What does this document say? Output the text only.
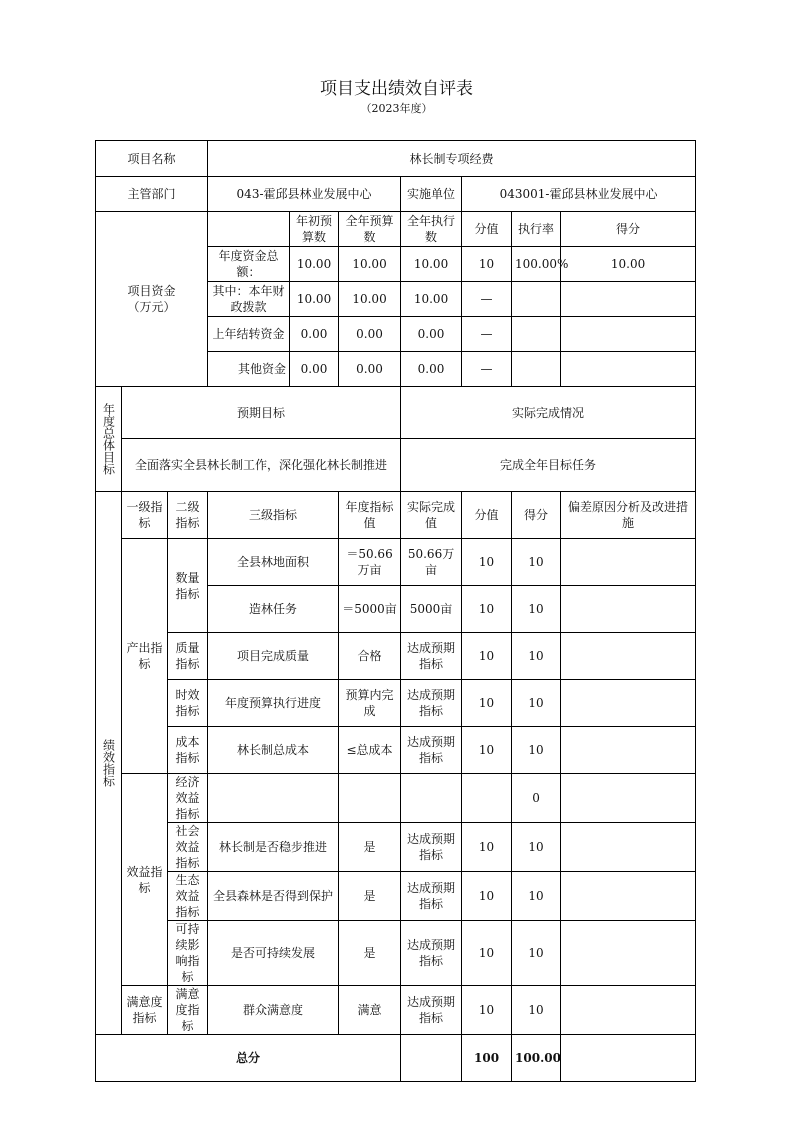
项目支出绩效自评表
（2023年度）
项目名称			林长制专项经费						
主管部门			043-霍邱县林业发展中心			实施单位	043001-霍邱县林业发展中心		
项目资金（万元）				年初预算数	全年预算数	全年执行数	分值	执行率	得分
			年度资金总额：	10.00	10.00	10.00	10	100.00%	10.00
			其中：本年财政拨款	10.00	10.00	10.00	—		
			上年结转资金	0.00	0.00	0.00	—		
			其他资金	0.00	0.00	0.00	—		
年度总体目标	预期目标					实际完成情况			
	全面落实全县林长制工作，深化强化林长制推进					完成全年目标任务			
绩效指标	一级指标	二级指标	三级指标		年度指标值	实际完成值	分值	得分	偏差原因分析及改进措施
	产出指标	数量指标	全县林地面积		＝50.66万亩	50.66万亩	10	10	
			造林任务		＝5000亩	5000亩	10	10	
		质量指标	项目完成质量		合格	达成预期指标	10	10	
		时效指标	年度预算执行进度		预算内完成	达成预期指标	10	10	
		成本指标	林长制总成本		≤总成本	达成预期指标	10	10	
	效益指标	经济效益指标						0	
		社会效益指标	林长制是否稳步推进		是	达成预期指标	10	10	
		生态效益指标	全县森林是否得到保护		是	达成预期指标	10	10	
		可持续影响指标	是否可持续发展		是	达成预期指标	10	10	
	满意度指标	满意度指标	群众满意度		满意	达成预期指标	10	10	
总分							100	100.00	
